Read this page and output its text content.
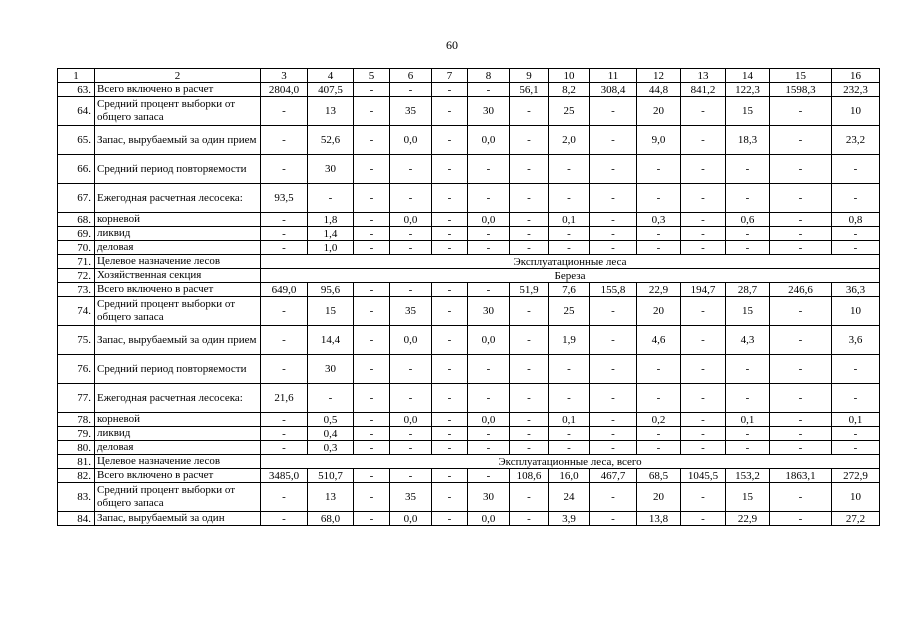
60
1	2	3	4	5	6	7	8	9	10	11	12	13	14	15	16
63.	Всего включено в расчет	2804,0	407,5	-	-	-	-	56,1	8,2	308,4	44,8	841,2	122,3	1598,3	232,3
64.	Средний процент выборки от общего запаса	-	13	-	35	-	30	-	25	-	20	-	15	-	10
65.	Запас, вырубаемый за один прием	-	52,6	-	0,0	-	0,0	-	2,0	-	9,0	-	18,3	-	23,2
66.	Средний период повторяемости	-	30	-	-	-	-	-	-	-	-	-	-	-	-
67.	Ежегодная расчетная лесосека:	93,5	-	-	-	-	-	-	-	-	-	-	-	-	-
68.	корневой	-	1,8	-	0,0	-	0,0	-	0,1	-	0,3	-	0,6	-	0,8
69.	ликвид	-	1,4	-	-	-	-	-	-	-	-	-	-	-	-
70.	деловая	-	1,0	-	-	-	-	-	-	-	-	-	-	-	-
71.	Целевое назначение лесов	Эксплуатационные леса													
72.	Хозяйственная секция	Береза													
73.	Всего включено в расчет	649,0	95,6	-	-	-	-	51,9	7,6	155,8	22,9	194,7	28,7	246,6	36,3
74.	Средний процент выборки от общего запаса	-	15	-	35	-	30	-	25	-	20	-	15	-	10
75.	Запас, вырубаемый за один прием	-	14,4	-	0,0	-	0,0	-	1,9	-	4,6	-	4,3	-	3,6
76.	Средний период повторяемости	-	30	-	-	-	-	-	-	-	-	-	-	-	-
77.	Ежегодная расчетная лесосека:	21,6	-	-	-	-	-	-	-	-	-	-	-	-	-
78.	корневой	-	0,5	-	0,0	-	0,0	-	0,1	-	0,2	-	0,1	-	0,1
79.	ликвид	-	0,4	-	-	-	-	-	-	-	-	-	-	-	-
80.	деловая	-	0,3	-	-	-	-	-	-	-	-	-	-	-	-
81.	Целевое назначение лесов	Эксплуатационные леса, всего													
82.	Всего включено в расчет	3485,0	510,7	-	-	-	-	108,6	16,0	467,7	68,5	1045,5	153,2	1863,1	272,9
83.	Средний процент выборки от общего запаса	-	13	-	35	-	30	-	24	-	20	-	15	-	10
84.	Запас, вырубаемый за один	-	68,0	-	0,0	-	0,0	-	3,9	-	13,8	-	22,9	-	27,2
